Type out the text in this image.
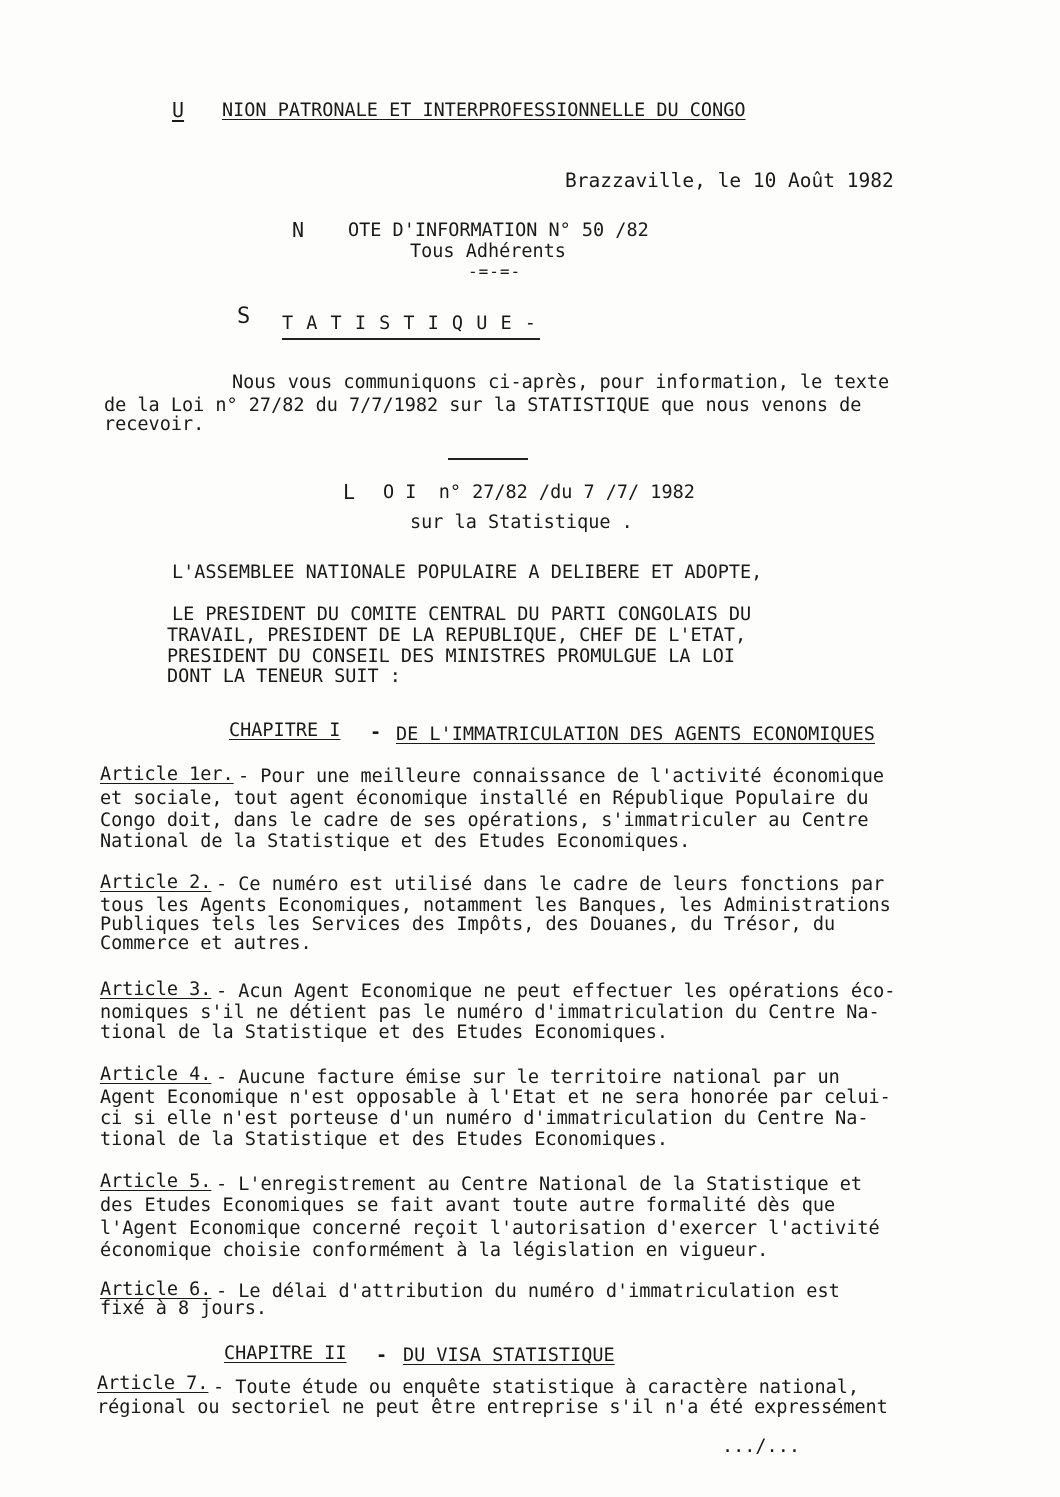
U NION PATRONALE ET INTERPROFESSIONNELLE DU CONGO
Brazzaville, le 10 Août 1982
N OTE D'INFORMATION N° 50 /82
Tous Adhérents
-=-=-
S T A T I S T I Q U E -
Nous vous communiquons ci-après, pour information, le texte
de la Loi n° 27/82 du 7/7/1982 sur la STATISTIQUE que nous venons de
recevoir.
L O I  n° 27/82 /du 7 /7/ 1982
sur la Statistique .
L'ASSEMBLEE NATIONALE POPULAIRE A DELIBERE ET ADOPTE,
LE PRESIDENT DU COMITE CENTRAL DU PARTI CONGOLAIS DU
TRAVAIL, PRESIDENT DE LA REPUBLIQUE, CHEF DE L'ETAT,
PRESIDENT DU CONSEIL DES MINISTRES PROMULGUE LA LOI
DONT LA TENEUR SUIT :
CHAPITRE I - DE L'IMMATRICULATION DES AGENTS ECONOMIQUES
Article 1er. - Pour une meilleure connaissance de l'activité économique
et sociale, tout agent économique installé en République Populaire du
Congo doit, dans le cadre de ses opérations, s'immatriculer au Centre
National de la Statistique et des Etudes Economiques.
Article 2. - Ce numéro est utilisé dans le cadre de leurs fonctions par
tous les Agents Economiques, notamment les Banques, les Administrations
Publiques tels les Services des Impôts, des Douanes, du Trésor, du
Commerce et autres.
Article 3. - Acun Agent Economique ne peut effectuer les opérations éco-
nomiques s'il ne détient pas le numéro d'immatriculation du Centre Na-
tional de la Statistique et des Etudes Economiques.
Article 4. - Aucune facture émise sur le territoire national par un
Agent Economique n'est opposable à l'Etat et ne sera honorée par celui-
ci si elle n'est porteuse d'un numéro d'immatriculation du Centre Na-
tional de la Statistique et des Etudes Economiques.
Article 5. - L'enregistrement au Centre National de la Statistique et
des Etudes Economiques se fait avant toute autre formalité dès que
l'Agent Economique concerné reçoit l'autorisation d'exercer l'activité
économique choisie conformément à la législation en vigueur.
Article 6. - Le délai d'attribution du numéro d'immatriculation est
fixé à 8 jours.
CHAPITRE II - DU VISA STATISTIQUE
Article 7. - Toute étude ou enquête statistique à caractère national,
régional ou sectoriel ne peut être entreprise s'il n'a été expressément
.../...
